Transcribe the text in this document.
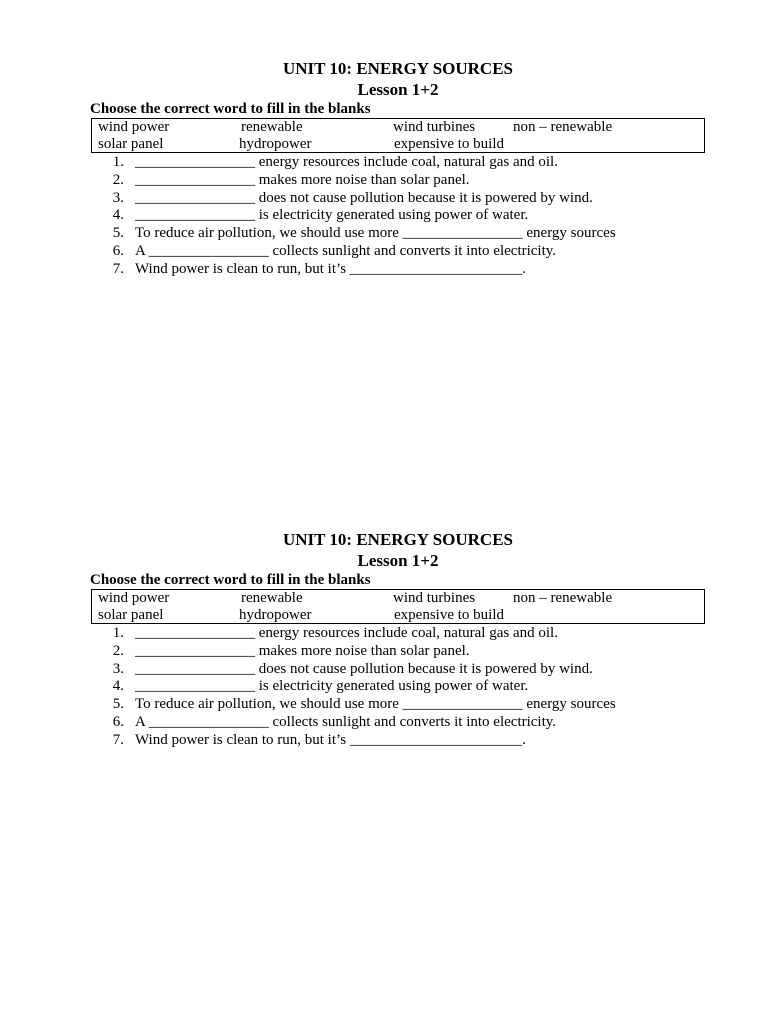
UNIT 10: ENERGY SOURCES
Lesson 1+2

Choose the correct word to fill in the blanks

wind power	renewable	wind turbines	non – renewable
solar panel	hydropower	expensive to build
1. ________________ energy resources include coal, natural gas and oil.
2. ________________ makes more noise than solar panel.
3. ________________ does not cause pollution because it is powered by wind.
4. ________________ is electricity generated using power of water.
5. To reduce air pollution, we should use more ________________ energy sources
6. A ________________ collects sunlight and converts it into electricity.
7. Wind power is clean to run, but it’s _______________________.
UNIT 10: ENERGY SOURCES
Lesson 1+2

Choose the correct word to fill in the blanks

wind power	renewable	wind turbines	non – renewable
solar panel	hydropower	expensive to build
1. ________________ energy resources include coal, natural gas and oil.
2. ________________ makes more noise than solar panel.
3. ________________ does not cause pollution because it is powered by wind.
4. ________________ is electricity generated using power of water.
5. To reduce air pollution, we should use more ________________ energy sources
6. A ________________ collects sunlight and converts it into electricity.
7. Wind power is clean to run, but it’s _______________________.
